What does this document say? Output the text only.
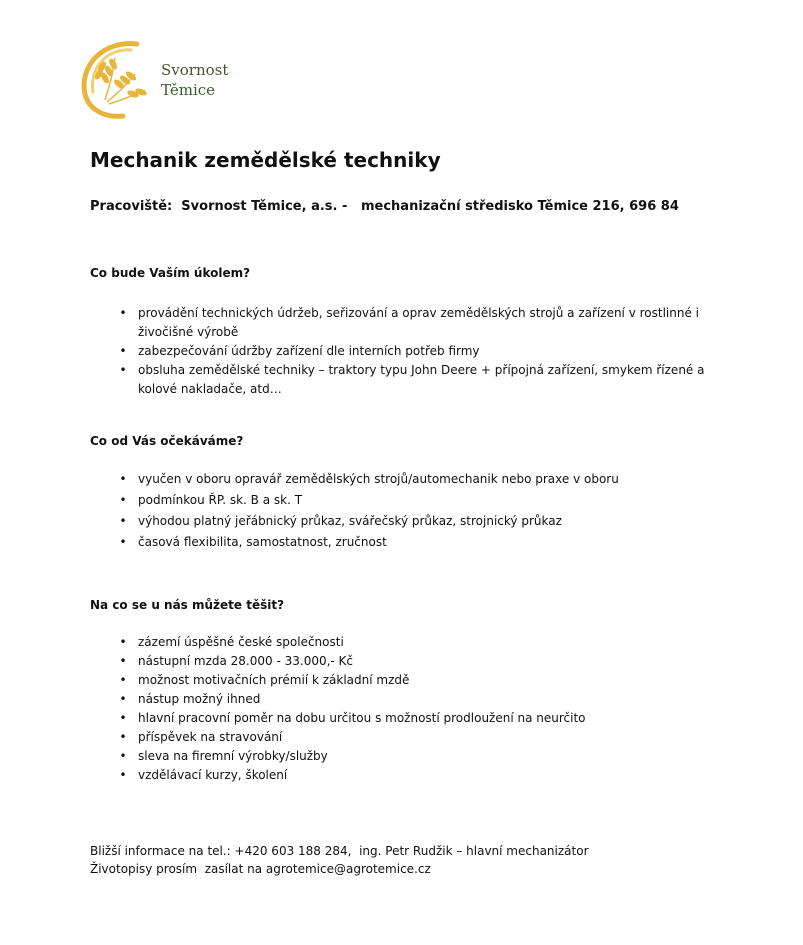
Svornost
Těmice
Mechanik zemědělské techniky
Pracoviště:  Svornost Těmice, a.s. -   mechanizační středisko Těmice 216, 696 84
Co bude Vaším úkolem?
• provádění technických údržeb, seřizování a oprav zemědělských strojů a zařízení v rostlinné i živočišné výrobě
• zabezpečování údržby zařízení dle interních potřeb firmy
• obsluha zemědělské techniky – traktory typu John Deere + přípojná zařízení, smykem řízené a kolové nakladače, atd…
Co od Vás očekáváme?
• vyučen v oboru opravář zemědělských strojů/automechanik nebo praxe v oboru
• podmínkou ŘP. sk. B a sk. T
• výhodou platný jeřábnický průkaz, svářečský průkaz, strojnický průkaz
• časová flexibilita, samostatnost, zručnost
Na co se u nás můžete těšit?
• zázemí úspěšné české společnosti
• nástupní mzda 28.000 - 33.000,- Kč
• možnost motivačních prémií k základní mzdě
• nástup možný ihned
• hlavní pracovní poměr na dobu určitou s možností prodloužení na neurčito
• příspěvek na stravování
• sleva na firemní výrobky/služby
• vzdělávací kurzy, školení
Bližší informace na tel.: +420 603 188 284,  ing. Petr Rudžik – hlavní mechanizátor
Životopisy prosím  zasílat na agrotemice@agrotemice.cz
